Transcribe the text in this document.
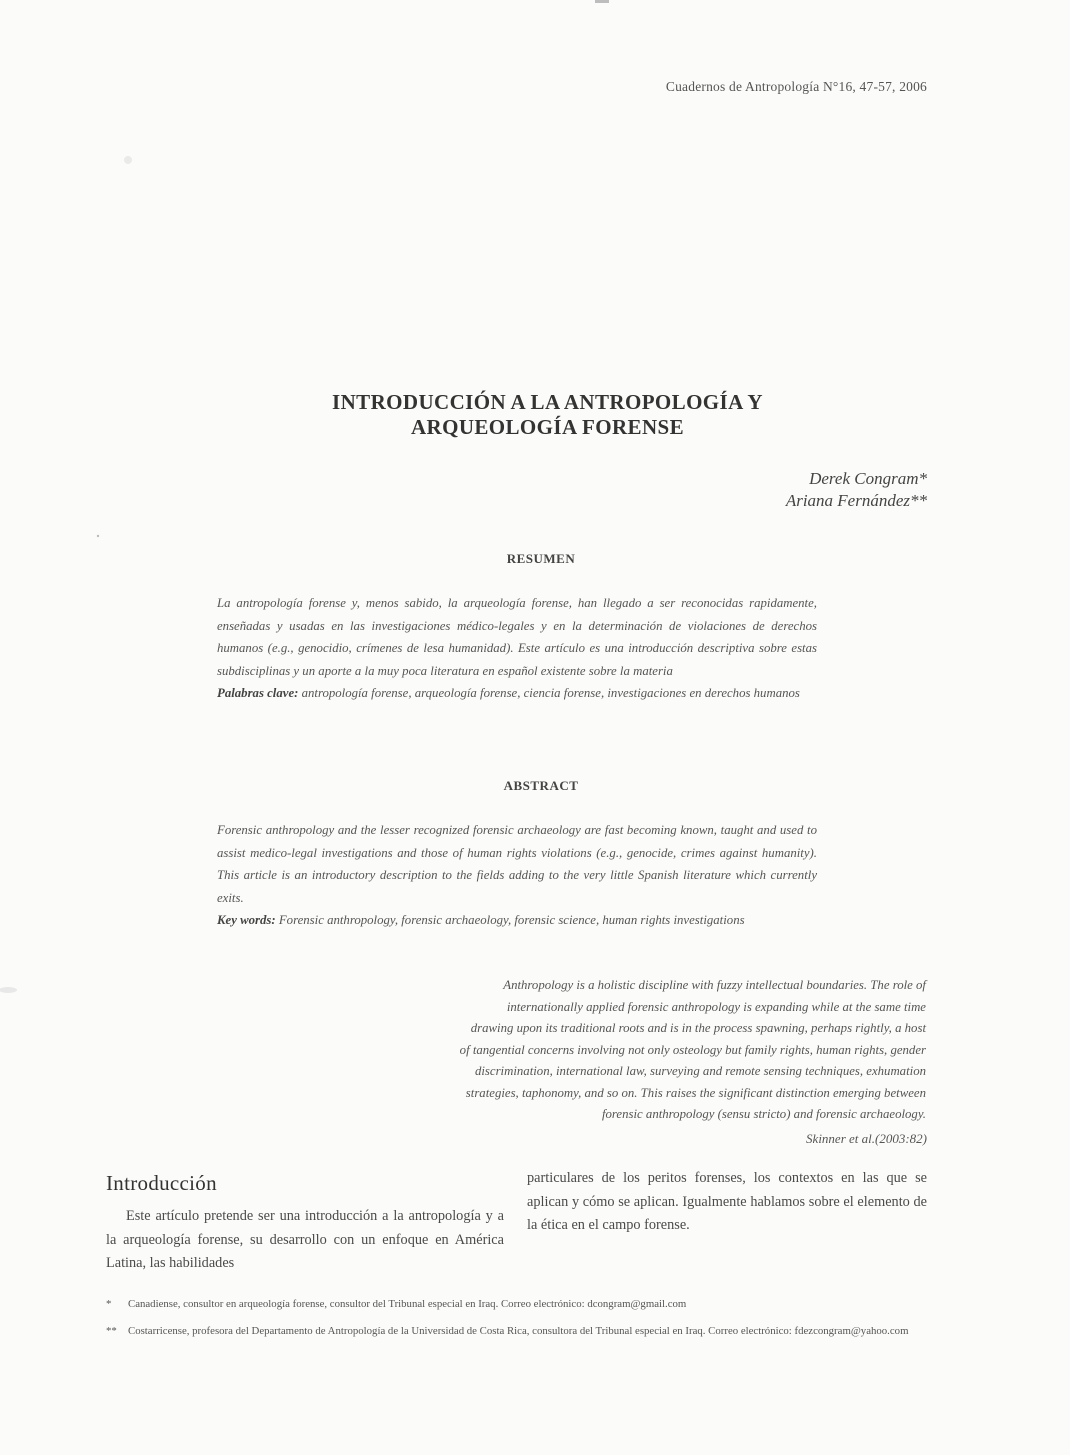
Cuadernos de Antropología N°16, 47-57, 2006
INTRODUCCIÓN A LA ANTROPOLOGÍA Y
ARQUEOLOGÍA FORENSE
Derek Congram*
Ariana Fernández**
RESUMEN
La antropología forense y, menos sabido, la arqueología forense, han llegado a ser reconocidas rapidamente, enseñadas y usadas en las investigaciones médico-legales y en la determinación de violaciones de derechos humanos (e.g., genocidio, crímenes de lesa humanidad). Este artículo es una introducción descriptiva sobre estas subdisciplinas y un aporte a la muy poca literatura en español existente sobre la materia
Palabras clave: antropología forense, arqueología forense, ciencia forense, investigaciones en derechos humanos
ABSTRACT
Forensic anthropology and the lesser recognized forensic archaeology are fast becoming known, taught and used to assist medico-legal investigations and those of human rights violations (e.g., genocide, crimes against humanity). This article is an introductory description to the fields adding to the very little Spanish literature which currently exits.
Key words: Forensic anthropology, forensic archaeology, forensic science, human rights investigations
Anthropology is a holistic discipline with fuzzy intellectual boundaries. The role of
internationally applied forensic anthropology is expanding while at the same time
drawing upon its traditional roots and is in the process spawning, perhaps rightly, a host
of tangential concerns involving not only osteology but family rights, human rights, gender
discrimination, international law, surveying and remote sensing techniques, exhumation
strategies, taphonomy, and so on. This raises the significant distinction emerging between
forensic anthropology (sensu stricto) and forensic archaeology.
Skinner et al.(2003:82)
Introducción
Este artículo pretende ser una introducción a la antropología y a la arqueología forense, su desarrollo con un enfoque en América Latina, las habilidades
particulares de los peritos forenses, los contextos en las que se aplican y cómo se aplican. Igualmente hablamos sobre el elemento de la ética en el campo forense.
*	Canadiense, consultor en arqueología forense, consultor del Tribunal especial en Iraq. Correo electrónico: dcongram@gmail.com
**	Costarricense, profesora del Departamento de Antropología de la Universidad de Costa Rica, consultora del Tribunal especial en Iraq. Correo electrónico: fdezcongram@yahoo.com
